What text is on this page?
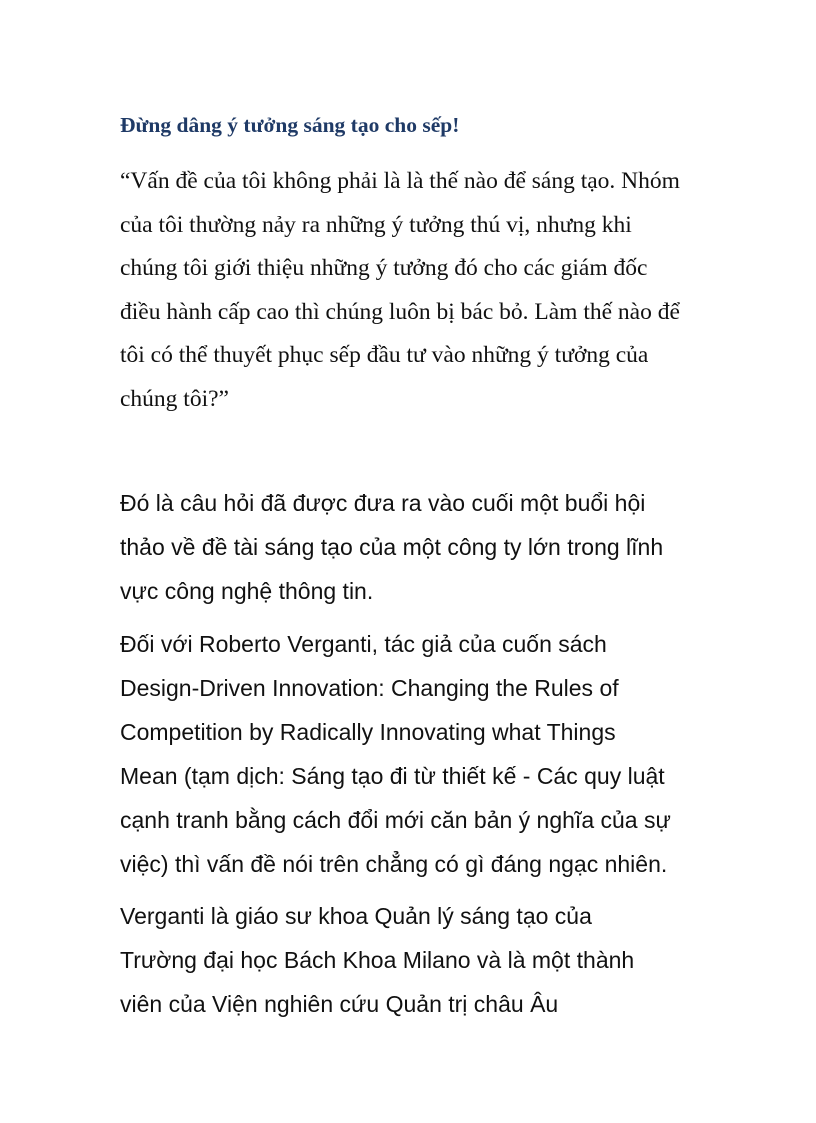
Đừng dâng ý tưởng sáng tạo cho sếp!
“Vấn đề của tôi không phải là là thế nào để sáng tạo. Nhóm
của tôi thường nảy ra những ý tưởng thú vị, nhưng khi
chúng tôi giới thiệu những ý tưởng đó cho các giám đốc
điều hành cấp cao thì chúng luôn bị bác bỏ. Làm thế nào để
tôi có thể thuyết phục sếp đầu tư vào những ý tưởng của
chúng tôi?”
Đó là câu hỏi đã được đưa ra vào cuối một buổi hội
thảo về đề tài sáng tạo của một công ty lớn trong lĩnh
vực công nghệ thông tin.
Đối với Roberto Verganti, tác giả của cuốn sách
Design-Driven Innovation: Changing the Rules of
Competition by Radically Innovating what Things
Mean (tạm dịch: Sáng tạo đi từ thiết kế - Các quy luật
cạnh tranh bằng cách đổi mới căn bản ý nghĩa của sự
việc) thì vấn đề nói trên chẳng có gì đáng ngạc nhiên.
Verganti là giáo sư khoa Quản lý sáng tạo của
Trường đại học Bách Khoa Milano và là một thành
viên của Viện nghiên cứu Quản trị châu Âu
